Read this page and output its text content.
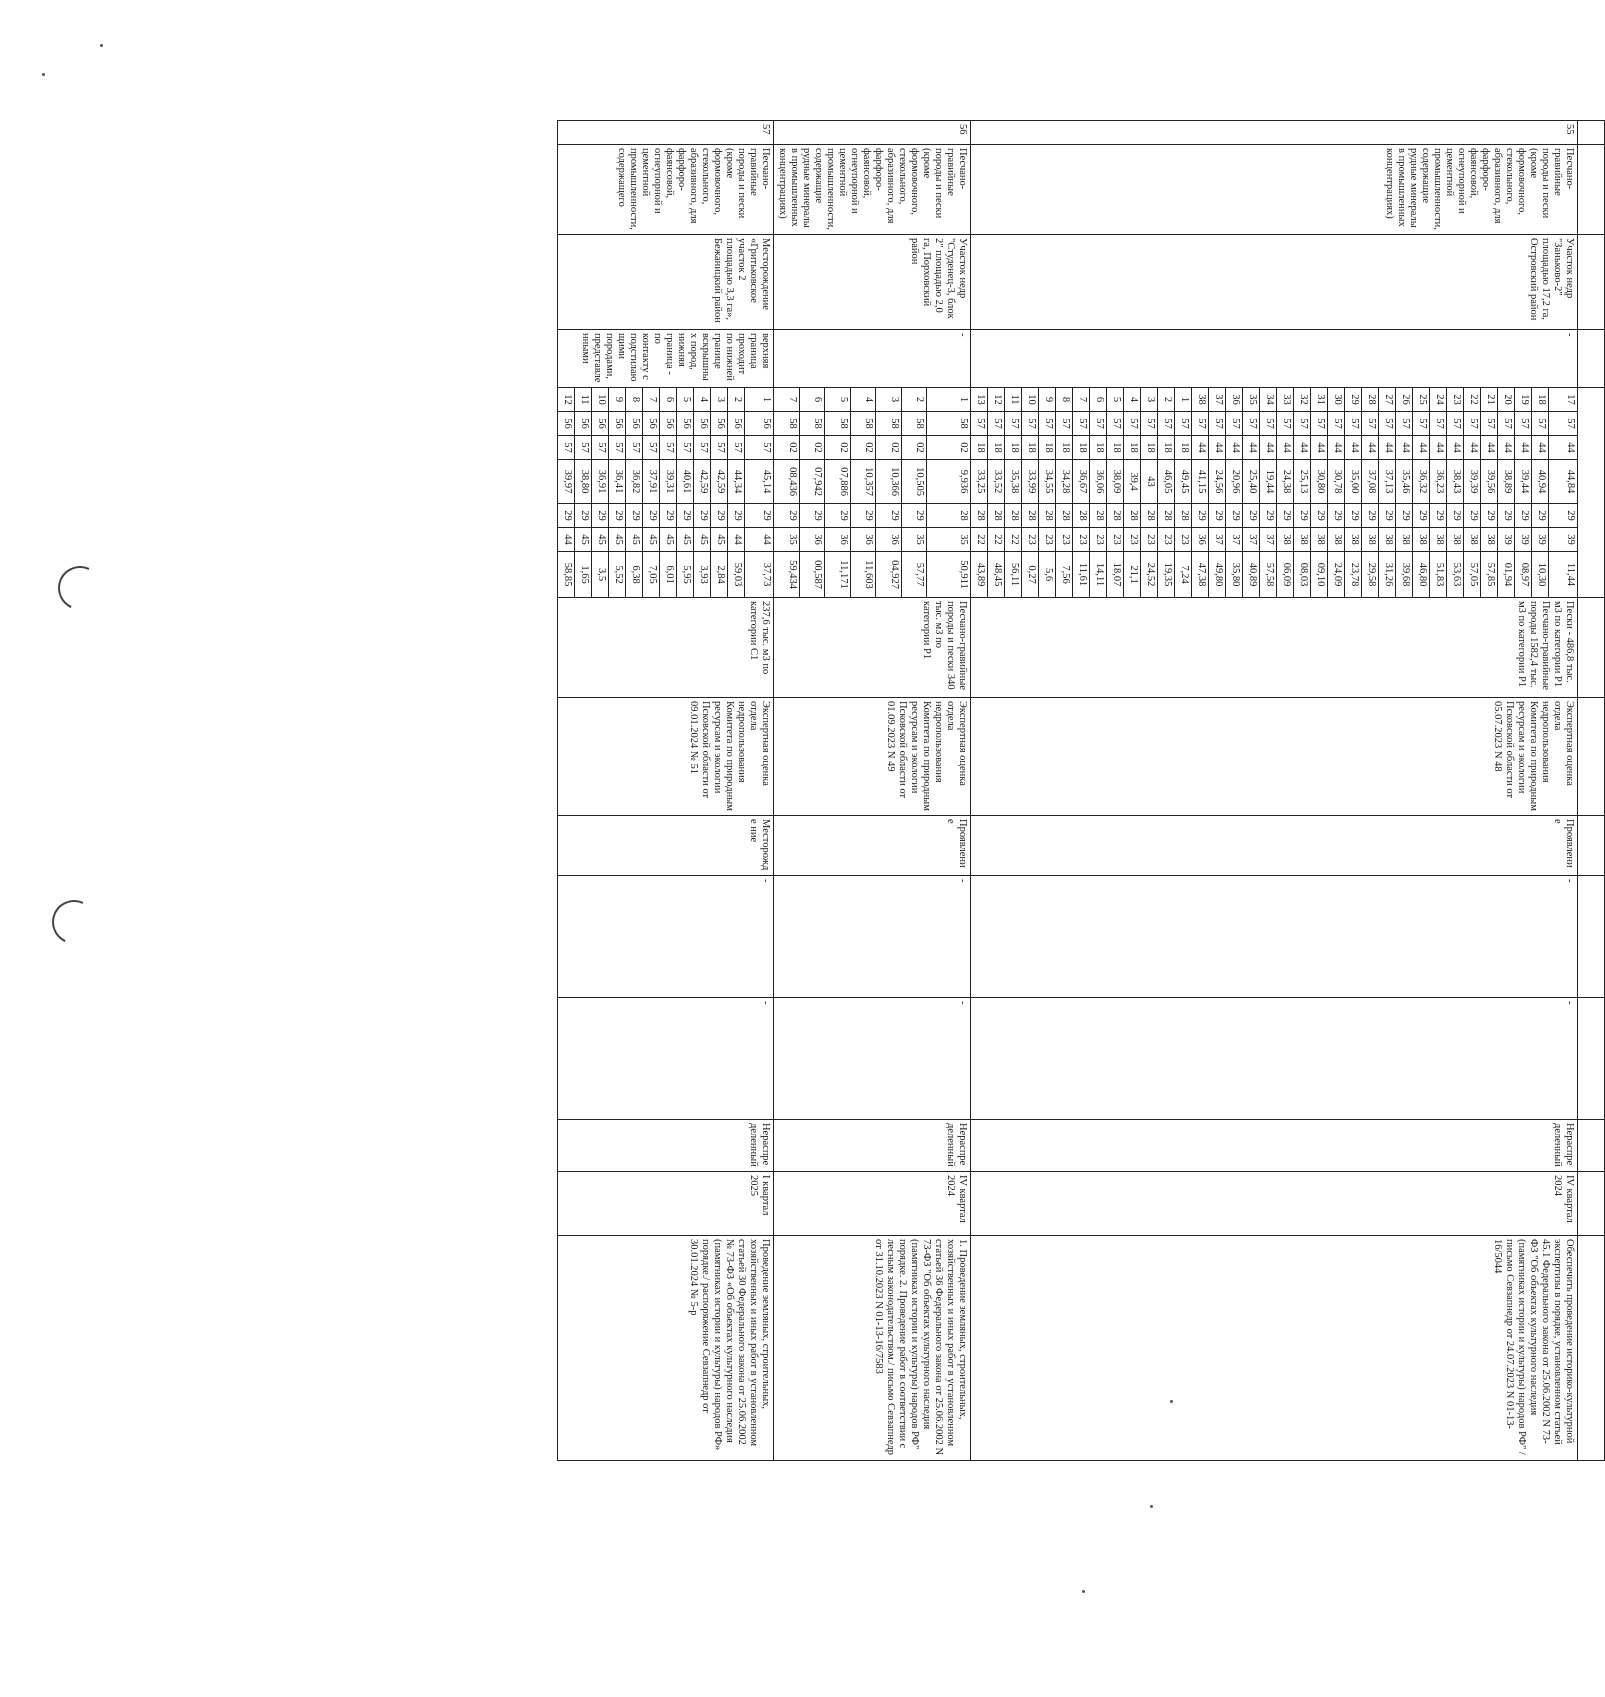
55	Песчано-гравийные породы и пески (кроме формовочного, стекольного, абразивного, для фарфоро-фаянсовой, огнеупорной и цементной промышленности, содержащие рудные минералы в промышленных концентрациях)	Участок недр "Заньково-2" площадью 17,2 га, Островский район	-	17	57	44	44,84	29	39	11,44	Пески - 486,8 тыс. м3 по категории Р1 Песчано-гравийные породы 1582,4 тыс. м3 по категории Р1	Экспертная оценка отдела недропользования Комитета по природным ресурсам и экологии Псковской области от 05.07.2023 N 48	Проявление	-	-	Нераспре деленный	IV квартал 2024	Обеспечить проведение историко-культурной экспертизы в порядке, установленном статьей 45.1 Федерального закона от 25.06.2002 N 73-ФЗ "Об объектах культурного наследия (памятниках истории и культуры) народов РФ" / письмо Севзапнедр от 24.07.2023 N 01-13-16/5044
				18	57	44	40,94	29	39	10,30								
				19	57	44	39,44	29	39	08,97								
				20	57	44	38,89	29	39	01,94								
				21	57	44	39,56	29	38	57,85								
				22	57	44	39,39	29	38	57,05								
				23	57	44	38,43	29	38	53,63								
				24	57	44	36,23	29	38	51,83								
				25	57	44	36,32	29	38	46,80								
				26	57	44	35,46	29	38	39,68								
				27	57	44	37,13	29	38	31,26								
				28	57	44	37,08	29	38	29,58								
				29	57	44	35,00	29	38	23,78								
				30	57	44	30,78	29	38	24,09								
				31	57	44	30,80	29	38	09,10								
				32	57	44	25,13	29	38	08,03								
				33	57	44	24,38	29	38	06,09								
				34	57	44	19,44	29	37	57,58								
				35	57	44	25,40	29	37	40,89								
				36	57	44	20,96	29	37	35,80								
				37	57	44	24,56	29	37	49,80								
				38	57	44	41,15	29	36	47,38								
				1	57	18	49,45	28	23	7,24								
				2	57	18	46,05	28	23	19,35								
				3	57	18	43	28	23	24,52								
				4	57	18	39,4	28	23	21,1								
				5	57	18	38,09	28	23	18,07								
				6	57	18	36,06	28	23	14,11								
				7	57	18	36,67	28	23	11,61								
				8	57	18	34,28	28	23	7,56								
				9	57	18	34,55	28	23	5,6								
				10	57	18	33,99	28	23	0,27								
				11	57	18	35,38	28	22	56,11								
				12	57	18	33,52	28	22	48,45								
				13	57	18	33,25	28	22	43,89								
56	Песчано-гравийные породы и пески (кроме формовочного, стекольного, абразивного, для фарфоро-фаянсовой, огнеупорной и цементной промышленности, содержащие рудные минералы в промышленных концентрациях)	Участок недр "Студенец-3, блок 2" площадью 2,0 га, Порховский район	-	1	58	02	9,936	28	35	50,911	Песчано-гравийные породы и пески 340 тыс. м3 по категории Р1	Экспертная оценка отдела недропользования Комитета по природным ресурсам и экологии Псковской области от 01.09.2023 N 49	Проявление	-	-	Нераспре деленный	IV квартал 2024	1. Проведение земляных, строительных, хозяйственных и иных работ в установленном статьей 36 Федерального закона от 25.06.2002 N 73-ФЗ "Об объектах культурного наследия (памятниках истории и культуры) народов РФ" порядке. 2. Проведение работ в соответствии с лесным законодательством./ письмо Севзапнедр от 31.10.2023 N 01-13-16/7583
				2	58	02	10,505	29	35	57,77								
				3	58	02	10,366	29	36	04,927								
				4	58	02	10,357	29	36	11,603								
				5	58	02	07,886	29	36	11,171								
				6	58	02	07,942	29	36	00,587								
				7	58	02	08,436	29	35	59,434								
57	Песчано-гравийные породы и пески (кроме формовочного, стекольного, абразивного, для фарфоро-фаянсовой, огнеупорной и цементной промышленности, содержащего	Месторождение «Гритьковское участок 2 площадью 3,3 га», Бежаницкий район	верхняя граница проходит по нижней границе вскрышных пород, нижняя граница - по контакту с подстилающими породами, представленными	1	56	57	45,14	29	44	37,73	237,6 тыс. м3 по категории С1	Экспертная оценка отдела недропользования Комитета по природным ресурсам и экологии Псковской области от 09.01.2024 № 51	Месторожде ние	-	-	Нераспре деленный	I квартал 2025	Проведение земляных, строительных, хозяйственных и иных работ в установленном статьей 30 Федерального закона от 25.06.2002 № 73-ФЗ «Об объектах культурного наследия (памятниках истории и культуры) народов РФ» порядке./ распоряжение Севзапнедр от 30.01.2024 № 5-р
				2	56	57	44,34	29	44	59,03								
				3	56	57	42,59	29	45	2,84								
				4	56	57	42,59	29	45	3,93								
				5	56	57	40,61	29	45	5,95								
				6	56	57	39,31	29	45	6,01								
				7	56	57	37,91	29	45	7,05								
				8	56	57	36,82	29	45	6,38								
				9	56	57	36,41	29	45	5,52								
				10	56	57	36,91	29	45	3,5								
				11	56	57	38,80	29	45	1,65								
				12	56	57	39,97	29	44	58,85								
